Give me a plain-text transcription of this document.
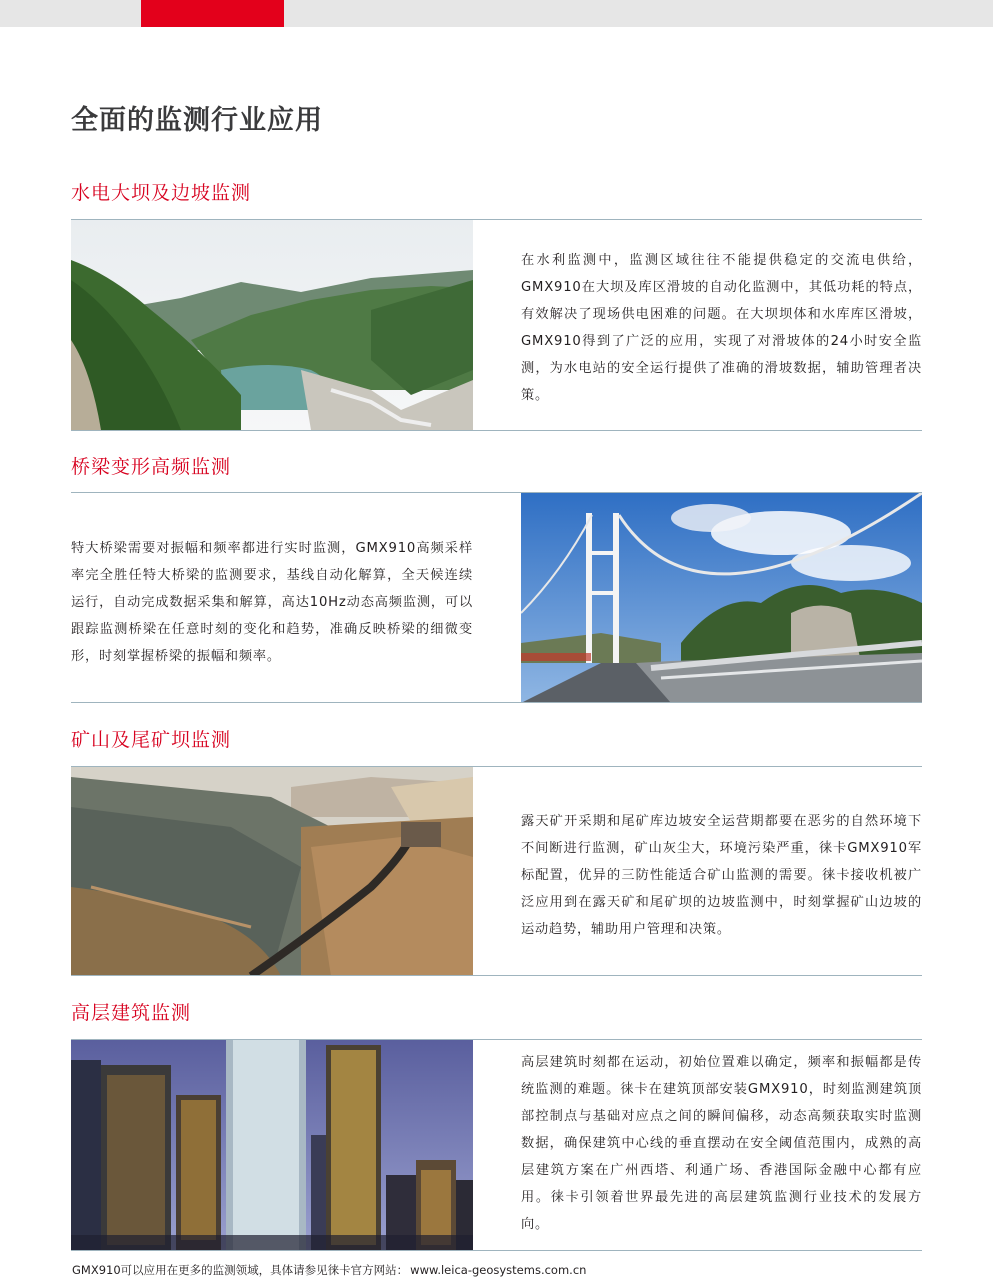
全面的监测行业应用
水电大坝及边坡监测

在水利监测中，监测区域往往不能提供稳定的交流电供给，GMX910在大坝及库区滑坡的自动化监测中，其低功耗的特点，有效解决了现场供电困难的问题。在大坝坝体和水库库区滑坡，GMX910得到了广泛的应用，实现了对滑坡体的24小时安全监测，为水电站的安全运行提供了准确的滑坡数据，辅助管理者决策。

桥梁变形高频监测

特大桥梁需要对振幅和频率都进行实时监测，GMX910高频采样率完全胜任特大桥梁的监测要求，基线自动化解算，全天候连续运行，自动完成数据采集和解算，高达10Hz动态高频监测，可以跟踪监测桥梁在任意时刻的变化和趋势，准确反映桥梁的细微变形，时刻掌握桥梁的振幅和频率。

矿山及尾矿坝监测

露天矿开采期和尾矿库边坡安全运营期都要在恶劣的自然环境下不间断进行监测，矿山灰尘大，环境污染严重，徕卡GMX910军标配置，优异的三防性能适合矿山监测的需要。徕卡接收机被广泛应用到在露天矿和尾矿坝的边坡监测中，时刻掌握矿山边坡的运动趋势，辅助用户管理和决策。

高层建筑监测

高层建筑时刻都在运动，初始位置难以确定，频率和振幅都是传统监测的难题。徕卡在建筑顶部安装GMX910，时刻监测建筑顶部控制点与基础对应点之间的瞬间偏移，动态高频获取实时监测数据，确保建筑中心线的垂直摆动在安全阈值范围内，成熟的高层建筑方案在广州西塔、利通广场、香港国际金融中心都有应用。徕卡引领着世界最先进的高层建筑监测行业技术的发展方向。

GMX910可以应用在更多的监测领域，具体请参见徕卡官方网站： www.leica-geosystems.com.cn
